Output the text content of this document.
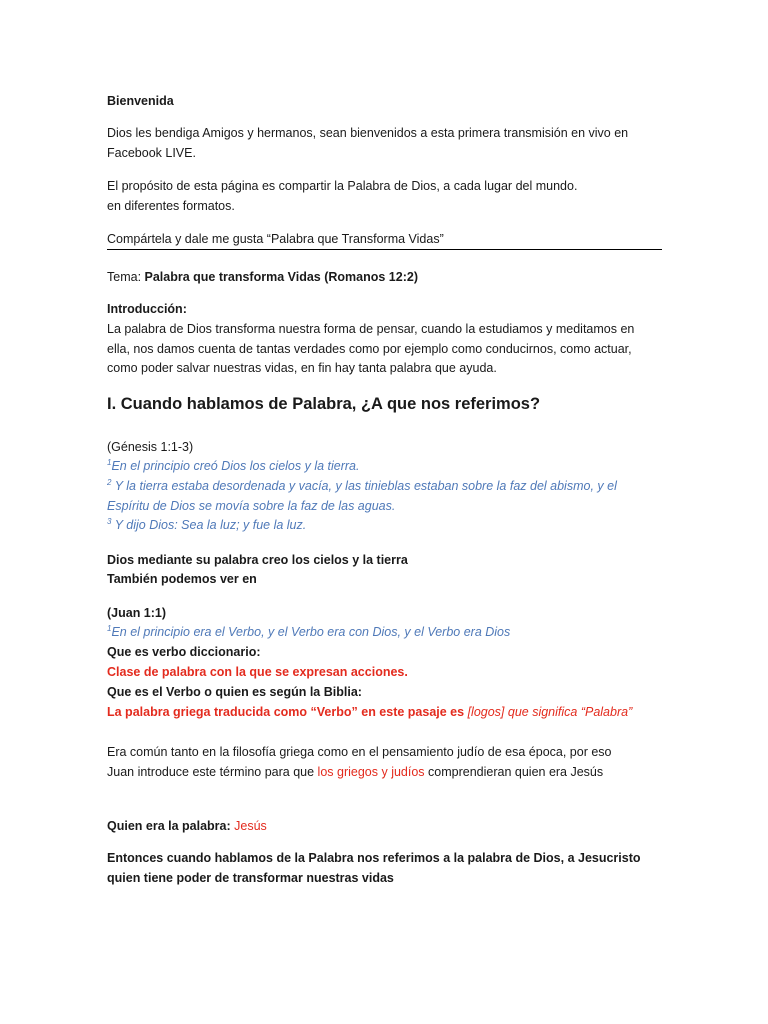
Bienvenida
Dios les bendiga Amigos y hermanos, sean bienvenidos a esta primera transmisión en vivo en Facebook LIVE.
El propósito de esta página es compartir la Palabra de Dios, a cada lugar del mundo.
en diferentes formatos.
Compártela y dale me gusta “Palabra que Transforma Vidas”
Tema: Palabra que transforma Vidas (Romanos 12:2)
Introducción:
La palabra de Dios transforma nuestra forma de pensar, cuando la estudiamos y meditamos en ella, nos damos cuenta de tantas verdades como por ejemplo como conducirnos, como actuar, como poder salvar nuestras vidas, en fin hay tanta palabra que ayuda.
I. Cuando hablamos de Palabra, ¿A que nos referimos?
(Génesis 1:1-3)
$^1$En el principio creó Dios los cielos y la tierra.
$^2$ Y la tierra estaba desordenada y vacía, y las tinieblas estaban sobre la faz del abismo, y el Espíritu de Dios se movía sobre la faz de las aguas.
$^3$ Y dijo Dios: Sea la luz; y fue la luz.
Dios mediante su palabra creo los cielos y la tierra
También podemos ver en
(Juan 1:1)
$^1$En el principio era el Verbo, y el Verbo era con Dios, y el Verbo era Dios
Que es verbo diccionario:
Clase de palabra con la que se expresan acciones.
Que es el Verbo o quien es según la Biblia:
La palabra griega traducida como “Verbo” en este pasaje es [logos] que significa “Palabra”
Era común tanto en la filosofía griega como en el pensamiento judío de esa época, por eso Juan introduce este término para que los griegos y judíos comprendieran quien era Jesús
Quien era la palabra: Jesús
Entonces cuando hablamos de la Palabra nos referimos a la palabra de Dios, a Jesucristo quien tiene poder de transformar nuestras vidas
